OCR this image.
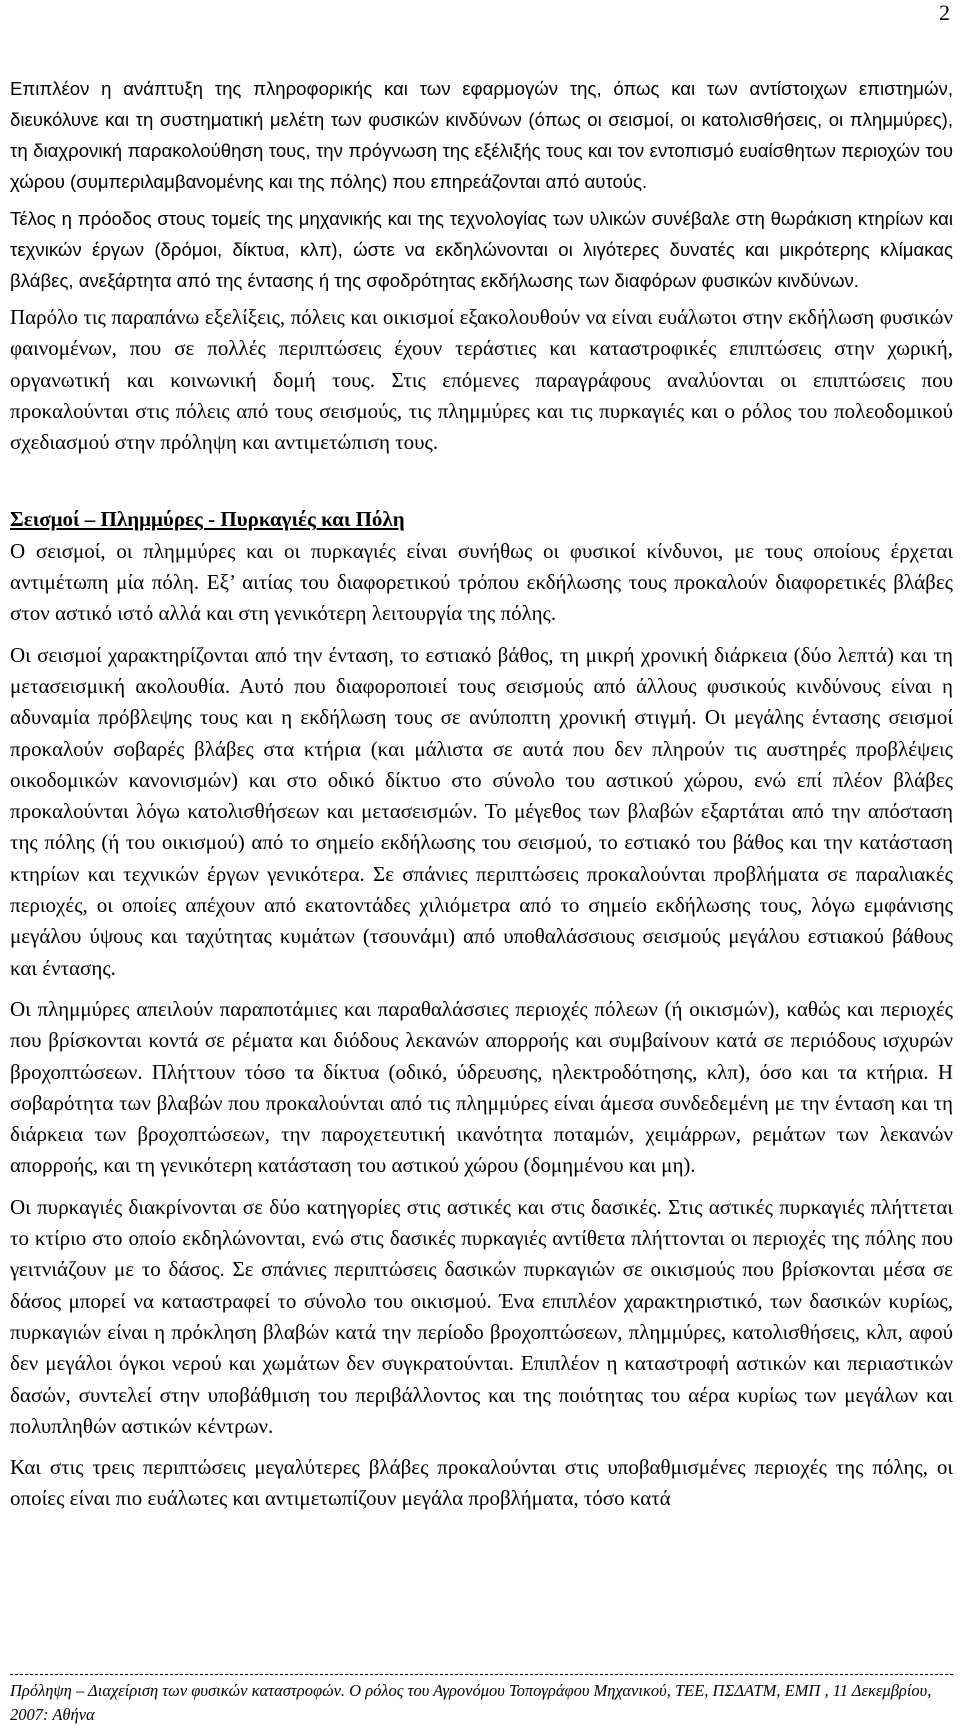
2

Επιπλέον η ανάπτυξη της πληροφορικής και των εφαρμογών της, όπως και των αντίστοιχων επιστημών, διευκόλυνε και τη συστηματική μελέτη των φυσικών κινδύνων (όπως οι σεισμοί, οι κατολισθήσεις, οι πλημμύρες), τη διαχρονική παρακολούθηση τους, την πρόγνωση της εξέλιξής τους και τον εντοπισμό ευαίσθητων περιοχών του χώρου (συμπεριλαμβανομένης και της πόλης) που επηρεάζονται από αυτούς.

Τέλος η πρόοδος στους τομείς της μηχανικής και της τεχνολογίας των υλικών συνέβαλε στη θωράκιση κτηρίων και τεχνικών έργων (δρόμοι, δίκτυα, κλπ), ώστε να εκδηλώνονται οι λιγότερες δυνατές και μικρότερης κλίμακας βλάβες, ανεξάρτητα από της έντασης ή της σφοδρότητας εκδήλωσης των διαφόρων φυσικών κινδύνων.

Παρόλο τις παραπάνω εξελίξεις, πόλεις και οικισμοί εξακολουθούν να είναι ευάλωτοι στην εκδήλωση φυσικών φαινομένων, που σε πολλές περιπτώσεις έχουν τεράστιες και καταστροφικές επιπτώσεις στην χωρική, οργανωτική και κοινωνική δομή τους. Στις επόμενες παραγράφους αναλύονται οι επιπτώσεις που προκαλούνται στις πόλεις από τους σεισμούς, τις πλημμύρες και τις πυρκαγιές και ο ρόλος του πολεοδομικού σχεδιασμού στην πρόληψη και αντιμετώπιση τους.

Σεισμοί – Πλημμύρες - Πυρκαγιές και Πόλη

Ο σεισμοί, οι πλημμύρες και οι πυρκαγιές είναι συνήθως οι φυσικοί κίνδυνοι, με τους οποίους έρχεται αντιμέτωπη μία πόλη. Εξ’ αιτίας του διαφορετικού τρόπου εκδήλωσης τους προκαλούν διαφορετικές βλάβες στον αστικό ιστό αλλά και στη γενικότερη λειτουργία της πόλης.

Οι σεισμοί χαρακτηρίζονται από την ένταση, το εστιακό βάθος, τη μικρή χρονική διάρκεια (δύο λεπτά) και τη μετασεισμική ακολουθία. Αυτό που διαφοροποιεί τους σεισμούς από άλλους φυσικούς κινδύνους είναι η αδυναμία πρόβλεψης τους και η εκδήλωση τους σε ανύποπτη χρονική στιγμή. Οι μεγάλης έντασης σεισμοί προκαλούν σοβαρές βλάβες στα κτήρια (και μάλιστα σε αυτά που δεν πληρούν τις αυστηρές προβλέψεις οικοδομικών κανονισμών) και στο οδικό δίκτυο στο σύνολο του αστικού χώρου, ενώ επί πλέον βλάβες προκαλούνται λόγω κατολισθήσεων και μετασεισμών. Το μέγεθος των βλαβών εξαρτάται από την απόσταση της πόλης (ή του οικισμού) από το σημείο εκδήλωσης του σεισμού, το εστιακό του βάθος και την κατάσταση κτηρίων και τεχνικών έργων γενικότερα. Σε σπάνιες περιπτώσεις προκαλούνται προβλήματα σε παραλιακές περιοχές, οι οποίες απέχουν από εκατοντάδες χιλιόμετρα από το σημείο εκδήλωσης τους, λόγω εμφάνισης μεγάλου ύψους και ταχύτητας κυμάτων (τσουνάμι) από υποθαλάσσιους σεισμούς μεγάλου εστιακού βάθους και έντασης.

Οι πλημμύρες απειλούν παραποτάμιες και παραθαλάσσιες περιοχές πόλεων (ή οικισμών), καθώς και περιοχές που βρίσκονται κοντά σε ρέματα και διόδους λεκανών απορροής και συμβαίνουν κατά σε περιόδους ισχυρών βροχοπτώσεων. Πλήττουν τόσο τα δίκτυα (οδικό, ύδρευσης, ηλεκτροδότησης, κλπ), όσο και τα κτήρια. Η σοβαρότητα των βλαβών που προκαλούνται από τις πλημμύρες είναι άμεσα συνδεδεμένη με την ένταση και τη διάρκεια των βροχοπτώσεων, την παροχετευτική ικανότητα ποταμών, χειμάρρων, ρεμάτων των λεκανών απορροής, και τη γενικότερη κατάσταση του αστικού χώρου (δομημένου και μη).

Οι πυρκαγιές διακρίνονται σε δύο κατηγορίες στις αστικές και στις δασικές. Στις αστικές πυρκαγιές πλήττεται το κτίριο στο οποίο εκδηλώνονται, ενώ στις δασικές πυρκαγιές αντίθετα πλήττονται οι περιοχές της πόλης που γειτνιάζουν με το δάσος. Σε σπάνιες περιπτώσεις δασικών πυρκαγιών σε οικισμούς που βρίσκονται μέσα σε δάσος μπορεί να καταστραφεί το σύνολο του οικισμού. Ένα επιπλέον χαρακτηριστικό, των δασικών κυρίως, πυρκαγιών είναι η πρόκληση βλαβών κατά την περίοδο βροχοπτώσεων, πλημμύρες, κατολισθήσεις, κλπ, αφού δεν μεγάλοι όγκοι νερού και χωμάτων δεν συγκρατούνται. Επιπλέον η καταστροφή αστικών και περιαστικών δασών, συντελεί στην υποβάθμιση του περιβάλλοντος και της ποιότητας του αέρα κυρίως των μεγάλων και πολυπληθών αστικών κέντρων.

Και στις τρεις περιπτώσεις μεγαλύτερες βλάβες προκαλούνται στις υποβαθμισμένες περιοχές της πόλης, οι οποίες είναι πιο ευάλωτες και αντιμετωπίζουν μεγάλα προβλήματα, τόσο κατά

Πρόληψη – Διαχείριση των φυσικών καταστροφών. Ο ρόλος του Αγρονόμου Τοπογράφου Μηχανικού, ΤΕΕ, ΠΣΔΑΤΜ, ΕΜΠ , 11 Δεκεμβρίου, 2007: Αθήνα
